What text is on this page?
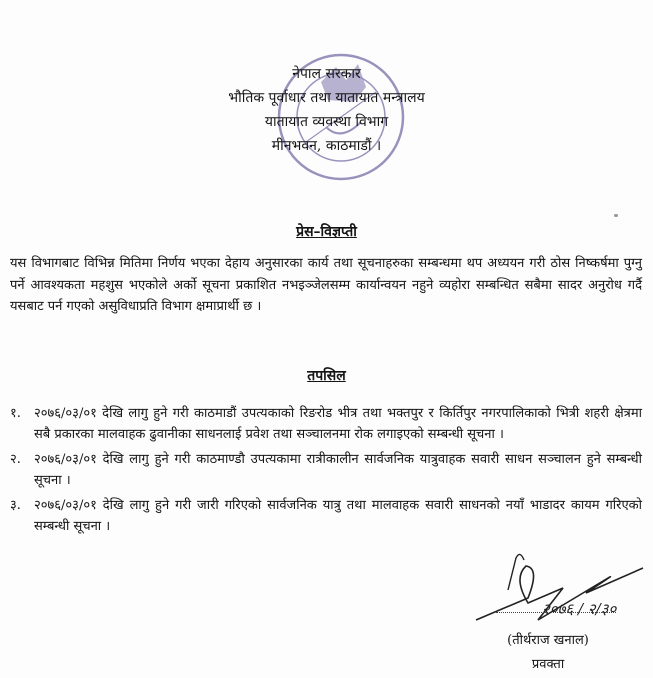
नेपाल सरकार
भौतिक पूर्वाधार तथा यातायात मन्त्रालय
यातायात व्यवस्था विभाग
मीनभवन, काठमाडौं ।
प्रेस–विज्ञप्ती
यस विभागबाट विभिन्न मितिमा निर्णय भएका देहाय अनुसारका कार्य तथा सूचनाहरुका सम्बन्धमा थप अध्ययन गरी ठोस निष्कर्षमा पुग्नु पर्ने आवश्यकता महशुस भएकोले अर्को सूचना प्रकाशित नभइञ्जेलसम्म कार्यान्वयन नहुने व्यहोरा सम्बन्धित सबैमा सादर अनुरोध गर्दै यसबाट पर्न गएको असुविधाप्रति विभाग क्षमाप्रार्थी छ ।
तपसिल
१.	२०७६/०३/०१ देखि लागु हुने गरी काठमाडौं उपत्यकाको रिङरोड भीत्र तथा भक्तपुर र किर्तिपुर नगरपालिकाको भित्री शहरी क्षेत्रमा सबै प्रकारका मालवाहक ढुवानीका साधनलाई प्रवेश तथा सञ्चालनमा रोक लगाइएको सम्बन्धी सूचना ।
२.	२०७६/०३/०१ देखि लागु हुने गरी काठमाण्डौ उपत्यकामा रात्रीकालीन सार्वजनिक यात्रुवाहक सवारी साधन सञ्चालन हुने सम्बन्धी सूचना ।
३.	२०७६/०३/०१ देखि लागु हुने गरी जारी गरिएको सार्वजनिक यात्रु तथा मालवाहक सवारी साधनको नयाँ भाडादर कायम गरिएको सम्बन्धी सूचना ।
२०७६ / २/३०
(तीर्थराज खनाल)
प्रवक्ता
